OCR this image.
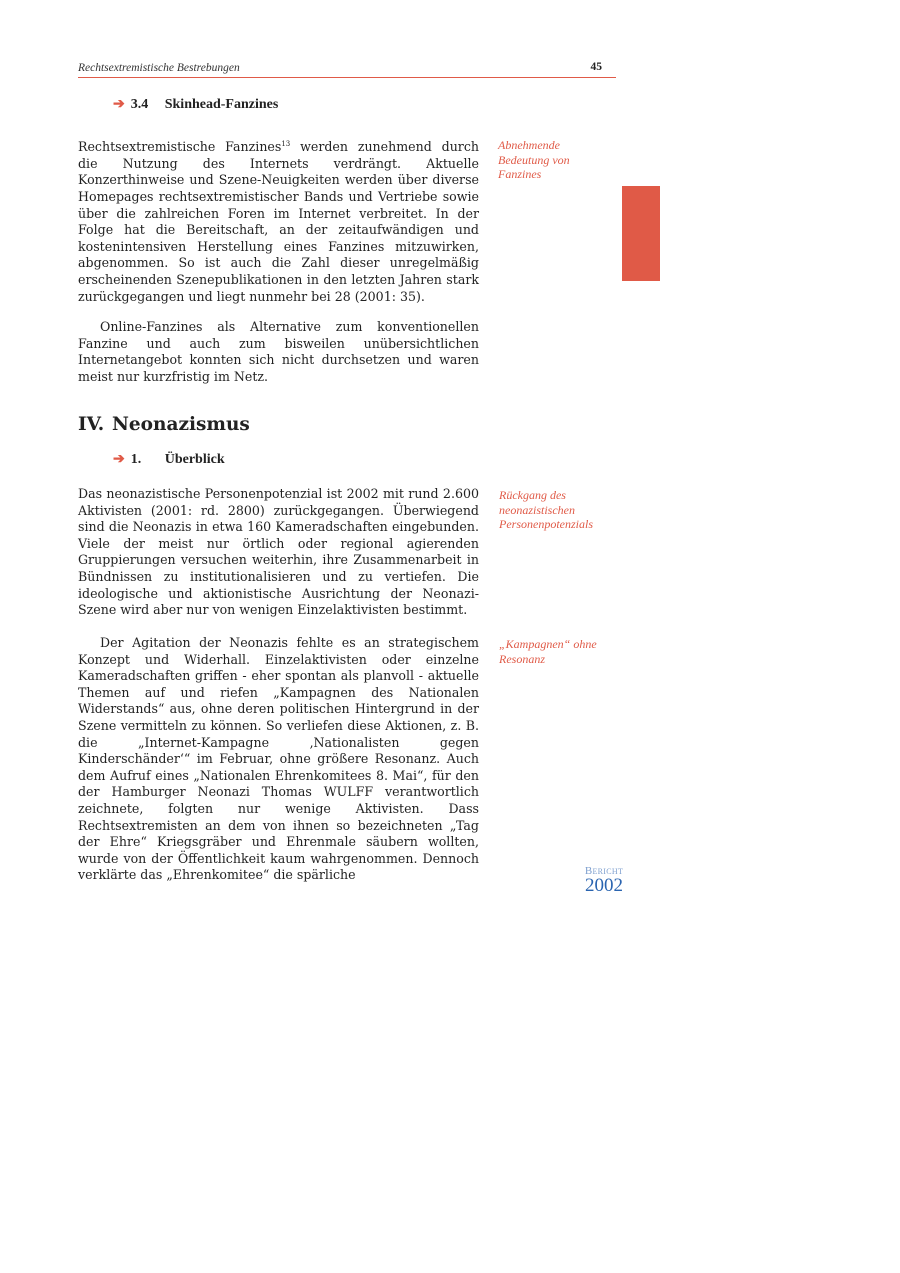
Rechtsextremistische Bestrebungen	45
➔ 3.4 Skinhead-Fanzines
Rechtsextremistische Fanzines$^{13}$ werden zunehmend durch die Nutzung des Internets verdrängt. Aktuelle Konzerthinweise und Szene-Neuigkeiten werden über diverse Homepages rechtsextremistischer Bands und Vertriebe sowie über die zahlreichen Foren im Internet verbreitet. In der Folge hat die Bereitschaft, an der zeitaufwändigen und kostenintensiven Herstellung eines Fanzines mitzuwirken, abgenommen. So ist auch die Zahl dieser unregelmäßig erscheinenden Szenepublikationen in den letzten Jahren stark zurückgegangen und liegt nunmehr bei 28 (2001: 35).
Online-Fanzines als Alternative zum konventionellen Fanzine und auch zum bisweilen unübersichtlichen Internetangebot konnten sich nicht durchsetzen und waren meist nur kurzfristig im Netz.
Abnehmende Bedeutung von Fanzines
IV. Neonazismus
➔ 1. Überblick
Das neonazistische Personenpotenzial ist 2002 mit rund 2.600 Aktivisten (2001: rd. 2800) zurückgegangen. Überwiegend sind die Neonazis in etwa 160 Kameradschaften eingebunden. Viele der meist nur örtlich oder regional agierenden Gruppierungen versuchen weiterhin, ihre Zusammenarbeit in Bündnissen zu institutionalisieren und zu vertiefen. Die ideologische und aktionistische Ausrichtung der Neonazi-Szene wird aber nur von wenigen Einzelaktivisten bestimmt.
Der Agitation der Neonazis fehlte es an strategischem Konzept und Widerhall. Einzelaktivisten oder einzelne Kameradschaften griffen - eher spontan als planvoll - aktuelle Themen auf und riefen „Kampagnen des Nationalen Widerstands“ aus, ohne deren politischen Hintergrund in der Szene vermitteln zu können. So verliefen diese Aktionen, z. B. die „Internet-Kampagne ‚Nationalisten gegen Kinderschänder‘“ im Februar, ohne größere Resonanz. Auch dem Aufruf eines „Nationalen Ehrenkomitees 8. Mai“, für den der Hamburger Neonazi Thomas WULFF verantwortlich zeichnete, folgten nur wenige Aktivisten. Dass Rechtsextremisten an dem von ihnen so bezeichneten „Tag der Ehre“ Kriegsgräber und Ehrenmale säubern wollten, wurde von der Öffentlichkeit kaum wahrgenommen. Dennoch verklärte das „Ehrenkomitee“ die spärliche
Rückgang des neonazistischen Personenpotenzials
„Kampagnen“ ohne Resonanz
Bericht
2002
